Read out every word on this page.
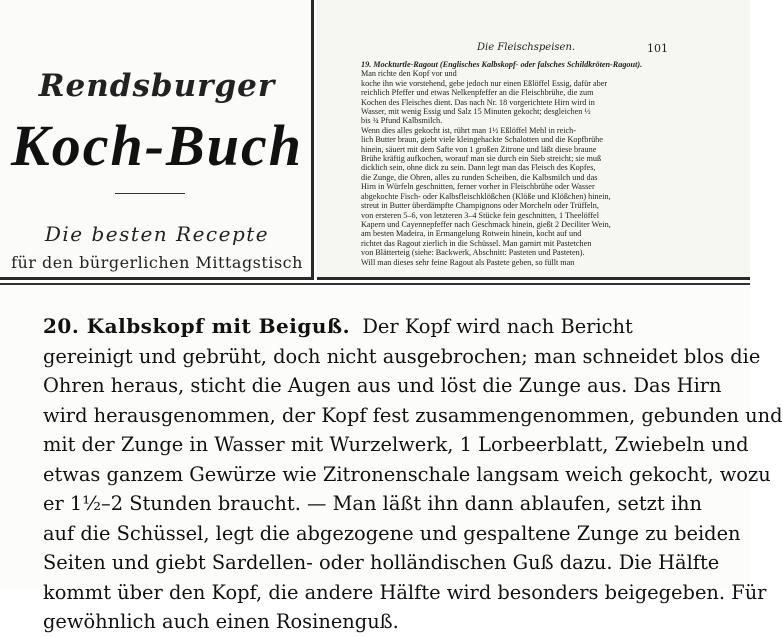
Rendsburger
Koch-Buch
Die besten Recepte
für den bürgerlichen Mittagstisch
Die Fleischspeisen.	101
19. Mockturtle-Ragout (Englisches Kalbskopf- oder falsches Schildkröten-Ragout). Man richte den Kopf vor und
koche ihn wie vorstehend, gebe jedoch nur einen Eßlöffel Essig, dafür aber
reichlich Pfeffer und etwas Nelkenpfeffer an die Fleischbrühe, die zum
Kochen des Fleisches dient. Das nach Nr. 18 vorgerichtete Hirn wird in
Wasser, mit wenig Essig und Salz 15 Minuten gekocht; desgleichen ½
bis ¾ Pfund Kalbsmilch.
Wenn dies alles gekocht ist, rührt man 1½ Eßlöffel Mehl in reich-
lich Butter braun, giebt viele kleingehackte Schalotten und die Kopfbrühe
hinein, säuert mit dem Safte von 1 großen Zitrone und läßt diese braune
Brühe kräftig aufkochen, worauf man sie durch ein Sieb streicht; sie muß
dicklich sein, ohne dick zu sein. Dann legt man das Fleisch des Kopfes,
die Zunge, die Ohren, alles zu runden Scheiben, die Kalbsmilch und das
Hirn in Würfeln geschnitten, ferner vorher in Fleischbrühe oder Wasser
abgekochte Fisch- oder Kalbsfleischklößchen (Klöße und Klößchen) hinein,
streut in Butter überdämpfte Champignons oder Morcheln oder Trüffeln,
von ersteren 5–6, von letzteren 3–4 Stücke fein geschnitten, 1 Theelöffel
Kapern und Cayennepfeffer nach Geschmack hinein, gießt 2 Deciliter Wein,
am besten Madeira, in Ermangelung Rotwein hinein, kocht auf und
richtet das Ragout zierlich in die Schüssel. Man garnirt mit Pastetchen
von Blätterteig (siehe: Backwerk, Abschnitt: Pasteten und Pasteten).
Will man dieses sehr feine Ragout als Pastete geben, so füllt man
20. Kalbskopf mit Beiguß. Der Kopf wird nach Bericht
gereinigt und gebrüht, doch nicht ausgebrochen; man schneidet blos die
Ohren heraus, sticht die Augen aus und löst die Zunge aus. Das Hirn
wird herausgenommen, der Kopf fest zusammengenommen, gebunden und
mit der Zunge in Wasser mit Wurzelwerk, 1 Lorbeerblatt, Zwiebeln und
etwas ganzem Gewürze wie Zitronenschale langsam weich gekocht, wozu
er 1½–2 Stunden braucht. — Man läßt ihn dann ablaufen, setzt ihn
auf die Schüssel, legt die abgezogene und gespaltene Zunge zu beiden
Seiten und giebt Sardellen- oder holländischen Guß dazu. Die Hälfte
kommt über den Kopf, die andere Hälfte wird besonders beigegeben. Für
gewöhnlich auch einen Rosinenguß.
